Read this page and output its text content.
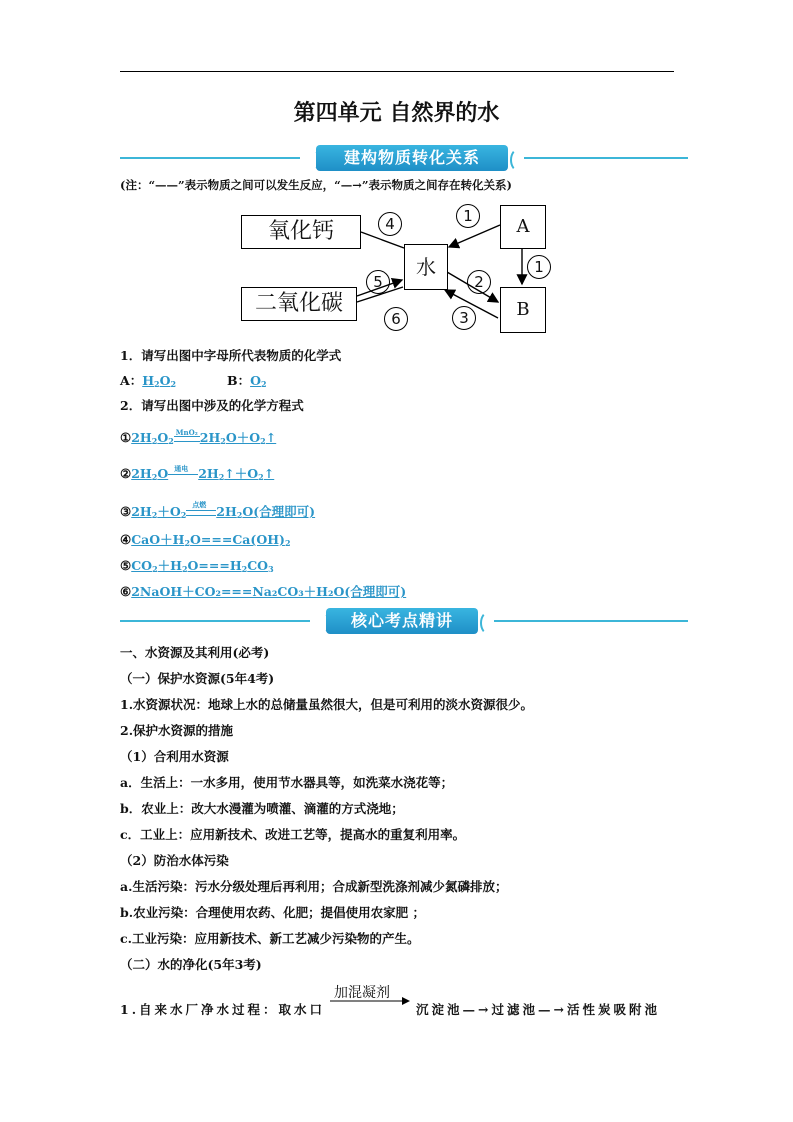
第四单元 自然界的水
建构物质转化关系
(注：“——”表示物质之间可以发生反应，“—→”表示物质之间存在转化关系)
氧化钙
二氧化碳
水
A
B
4	1
1
2
3
5
6
1．请写出图中字母所代表物质的化学式
A：$H_2O_2$	B：$O_2$
2．请写出图中涉及的化学方程式
$①2H_2O_2$
MnO₂ $2H_2O+O_2↑$
$②2H_2O$ 通电 $2H_2↑+O_2↑$
$③2H_2+O_2$
点燃 $2H_2O$(合理即可)
$④CaO+H_2O===Ca(OH)_2$
$⑤CO_2+H_2O===H_2CO_3$
⑥2NaOH＋CO₂===Na₂CO₃＋H₂O(合理即可)
核心考点精讲
一、水资源及其利用(必考)
（一）保护水资源(5年4考)
1.水资源状况：地球上水的总储量虽然很大，但是可利用的淡水资源很少。
2.保护水资源的措施
（1）合利用水资源
a．生活上：一水多用，使用节水器具等，如洗菜水浇花等；
b．农业上：改大水漫灌为喷灌、滴灌的方式浇地；
c．工业上：应用新技术、改进工艺等，提高水的重复利用率。
（2）防治水体污染
a.生活污染：污水分级处理后再利用；合成新型洗涤剂减少氮磷排放；
b.农业污染：合理使用农药、化肥；提倡使用农家肥 ；
c.工业污染：应用新技术、新工艺减少污染物的产生。
（二）水的净化(5年3考)
1.自来水厂净水过程：取水口
加混凝剂
沉淀池—→过滤池—→活性炭吸附池
